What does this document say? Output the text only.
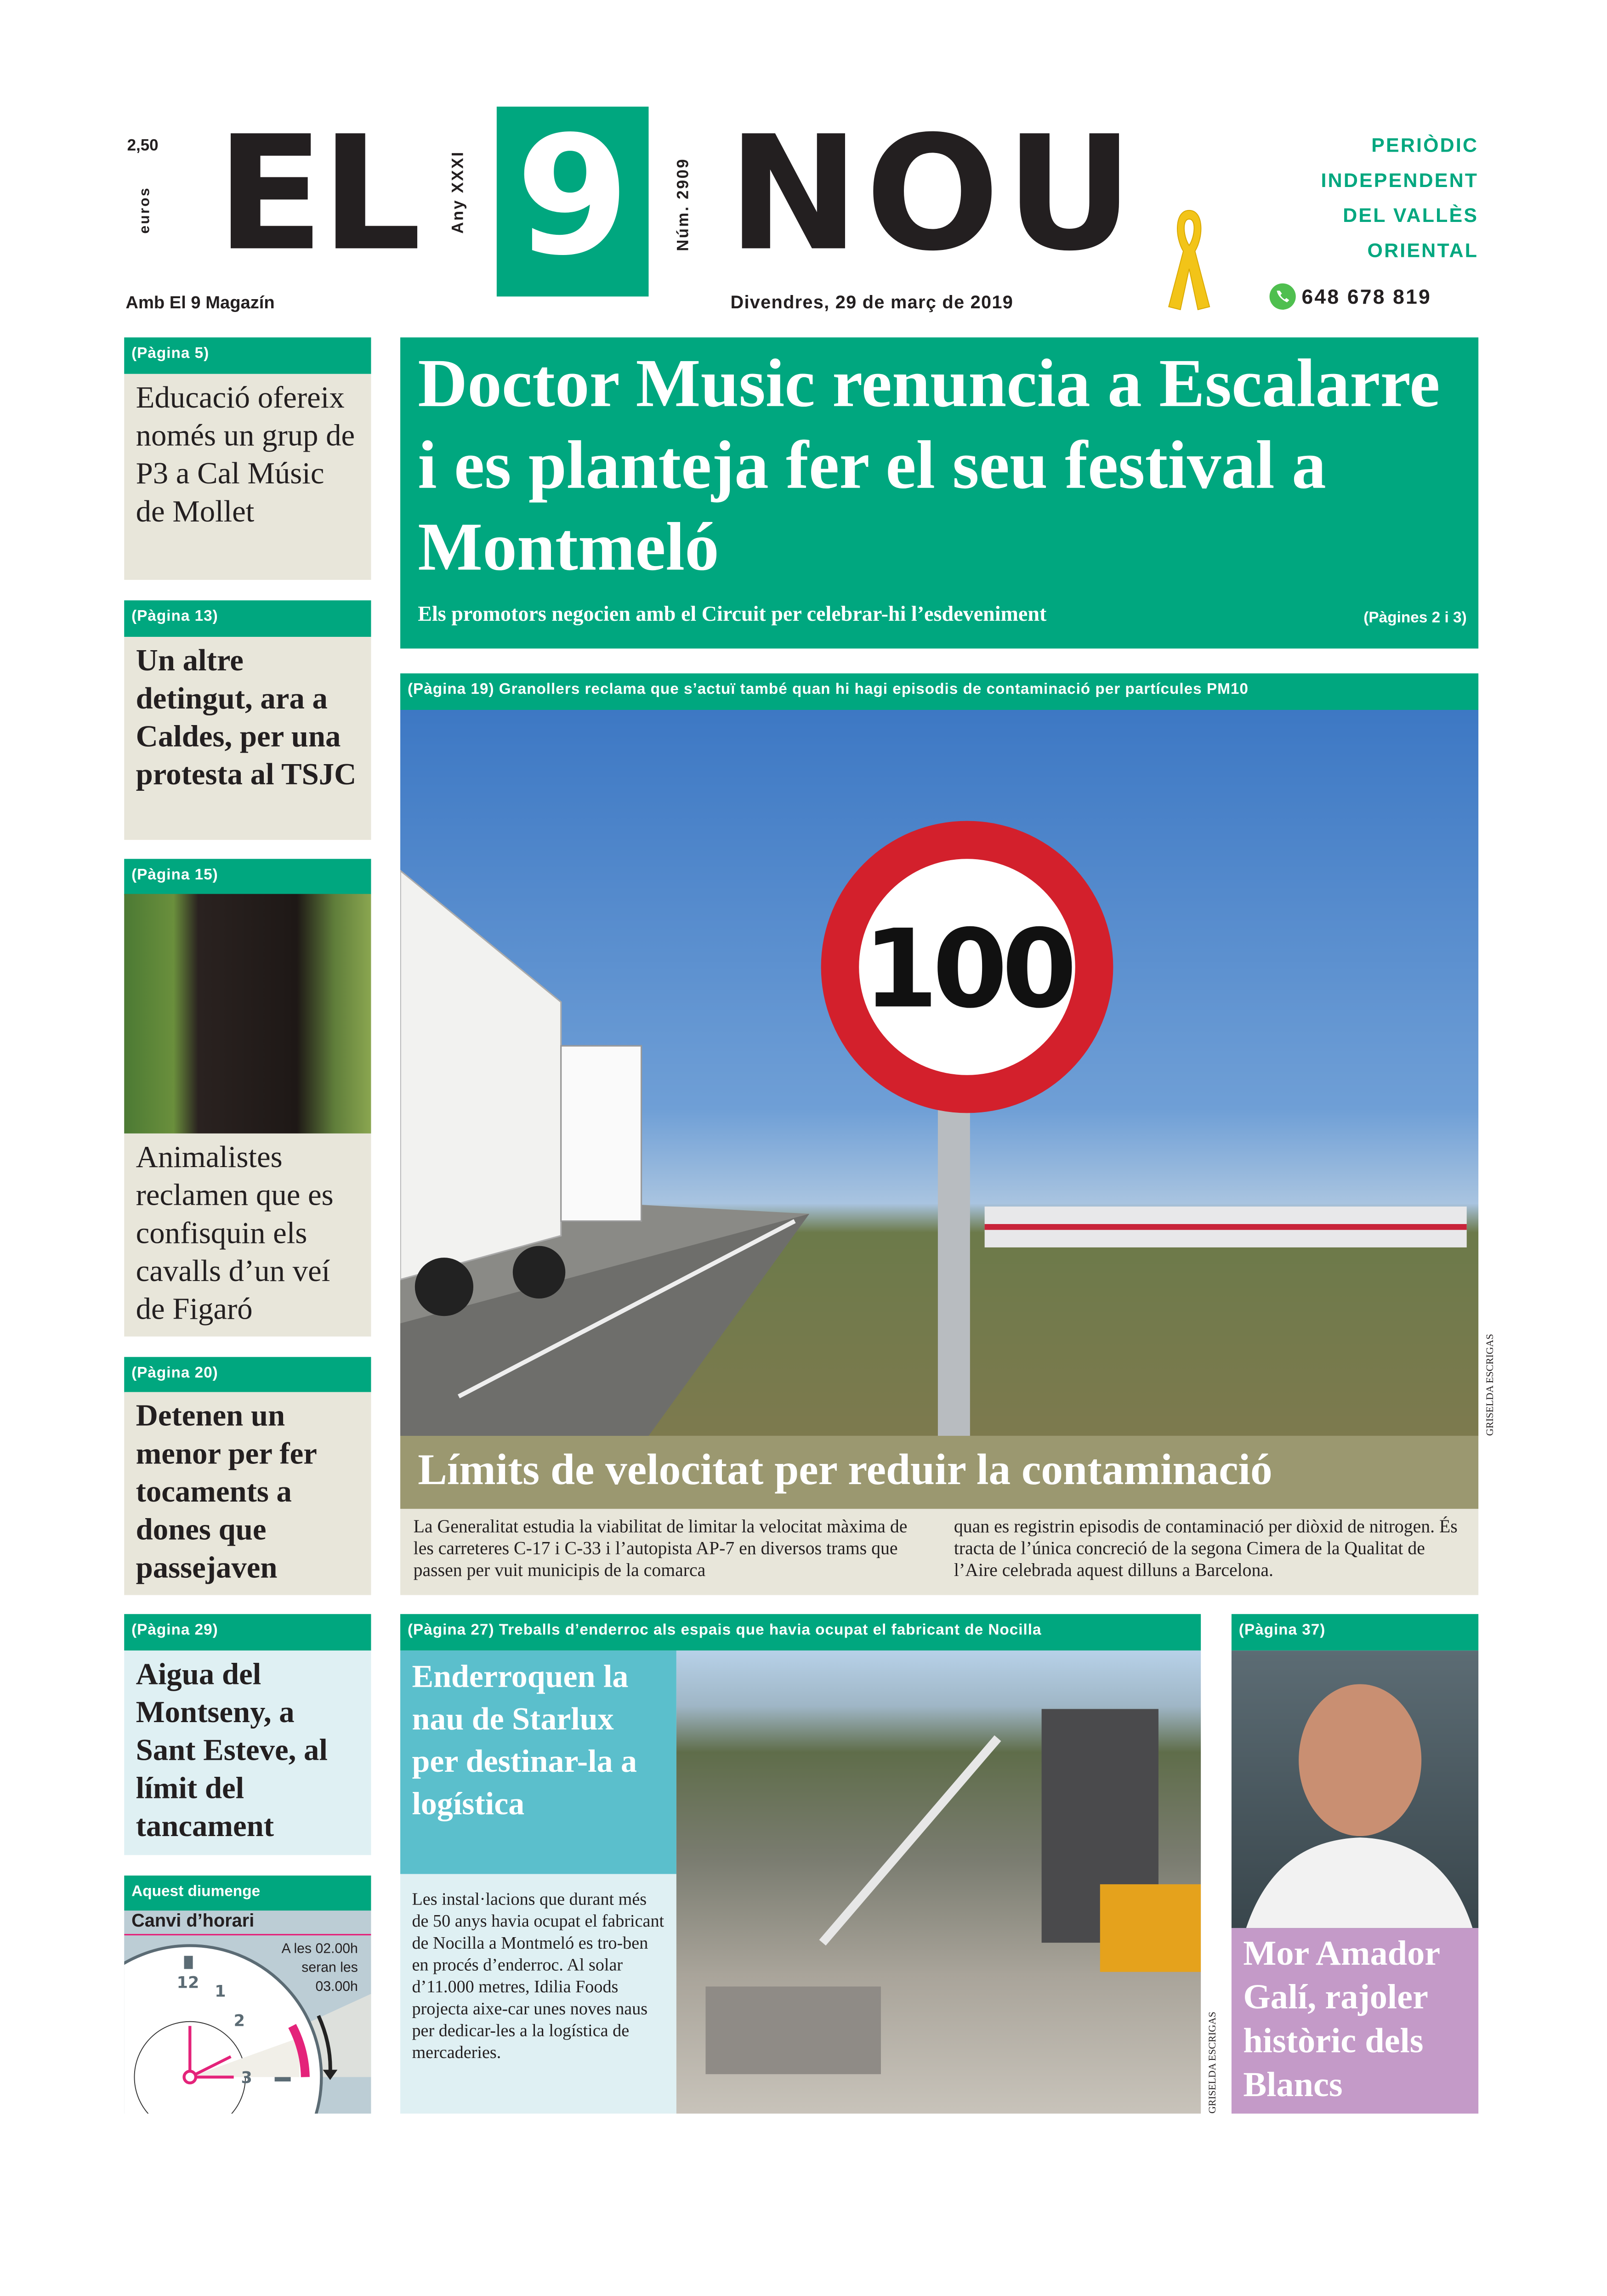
2,50
euros EL	Any XXXI 9	Núm. 2909 NOU	PERIÒDIC
INDEPENDENT
DEL VALLÈS
ORIENTAL
Amb El 9 Magazín	Divendres, 29 de març de 2019	648 678 819
(Pàgina 5)
Educació ofereix només un grup de P3 a Cal Músic de Mollet
(Pàgina 13)
Un altre detingut, ara a Caldes, per una protesta al TSJC
(Pàgina 15)
Animalistes reclamen que es confisquin els cavalls d’un veí de Figaró
(Pàgina 20)
Detenen un menor per fer tocaments a dones que passejaven
(Pàgina 29)
Aigua del Montseny, a Sant Esteve, al límit del tancament
Aquest diumenge
Canvi d’horari
12	1
2
3
A les 02.00h
seran les
03.00h
Doctor Music renuncia a Escalarre i es planteja fer el seu festival a Montmeló
Els promotors negocien amb el Circuit per celebrar-hi l’esdeveniment	(Pàgines 2 i 3)
(Pàgina 19) Granollers reclama que s’actuï també quan hi hagi episodis de contaminació per partícules PM10
100
GRISELDA ESCRIGAS
Límits de velocitat per reduir la contaminació
La Generalitat estudia la viabilitat de limitar la velocitat màxima de les carreteres C-17 i C-33 i l’autopista AP-7 en diversos trams que passen per vuit municipis de la comarca
quan es registrin episodis de contaminació per diòxid de nitrogen. És tracta de l’única concreció de la segona Cimera de la Qualitat de l’Aire celebrada aquest dilluns a Barcelona.
(Pàgina 27) Treballs d’enderroc als espais que havia ocupat el fabricant de Nocilla
Enderroquen la nau de Starlux per destinar-la a logística
Les instal·lacions que durant més de 50 anys havia ocupat el fabricant de Nocilla a Montmeló es tro-ben en procés d’enderroc. Al solar d’11.000 metres, Idilia Foods projecta aixe-car unes noves naus per dedicar-les a la logística de mercaderies.	GRISELDA ESCRIGAS
(Pàgina 37)
Mor Amador Galí, rajoler històric dels Blancs
